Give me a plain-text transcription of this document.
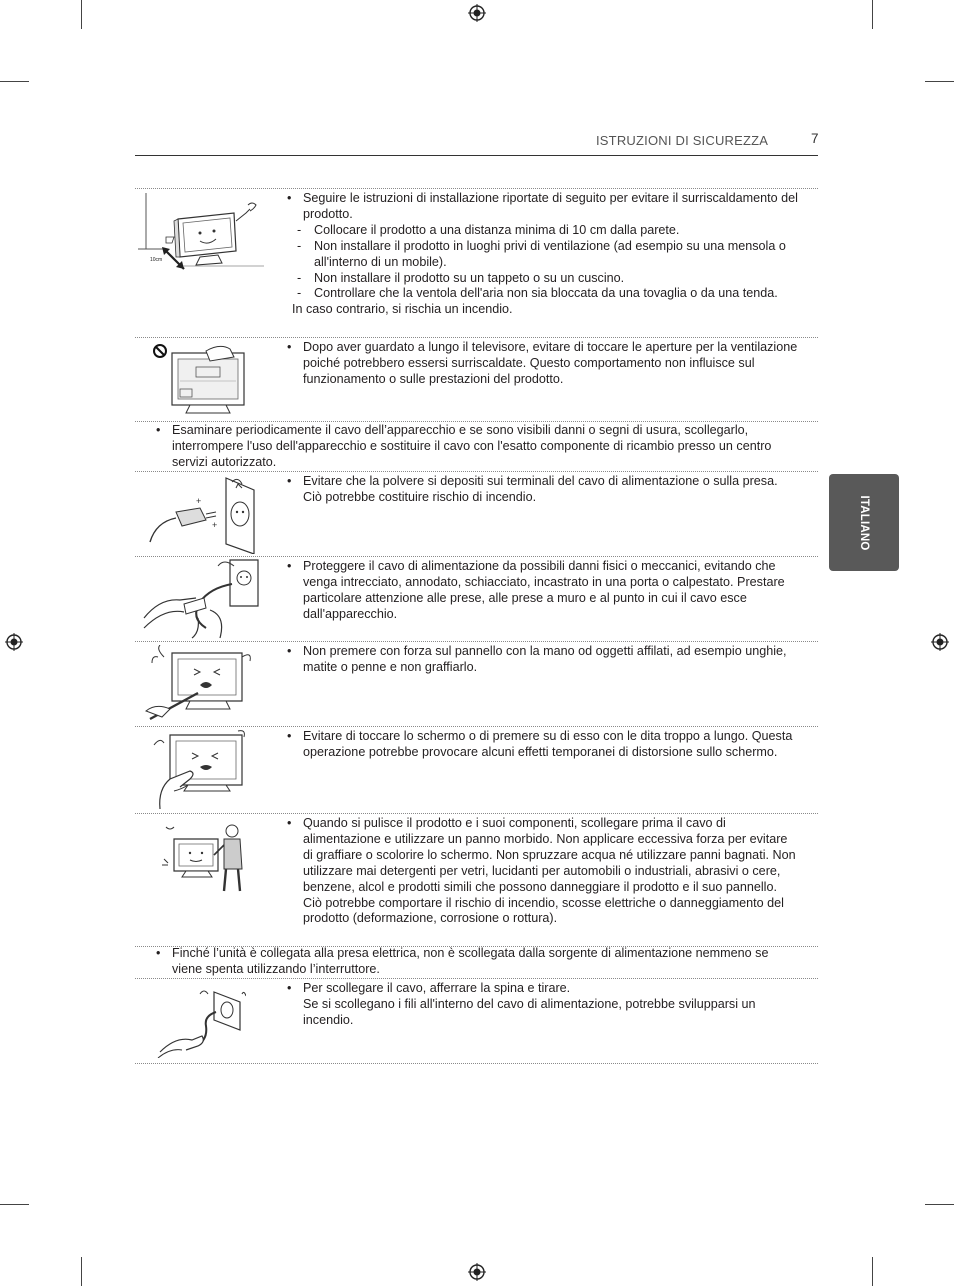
ISTRUZIONI DI SICUREZZA	7
ITALIANO
10cm
• Seguire le istruzioni di installazione riportate di seguito per evitare il surriscaldamento del prodotto.
- Collocare il prodotto a una distanza minima di 10 cm dalla parete.
- Non installare il prodotto in luoghi privi di ventilazione (ad esempio su una mensola o all'interno di un mobile).
- Non installare il prodotto su un tappeto o su un cuscino.
- Controllare che la ventola dell'aria non sia bloccata da una tovaglia o da una tenda.
In caso contrario, si rischia un incendio.
• Dopo aver guardato a lungo il televisore, evitare di toccare le aperture per la ventilazione poiché potrebbero essersi surriscaldate. Questo comportamento non influisce sul funzionamento o sulle prestazioni del prodotto.
• Esaminare periodicamente il cavo dell’apparecchio e se sono visibili danni o segni di usura, scollegarlo, interrompere l'uso dell'apparecchio e sostituire il cavo con l'esatto componente di ricambio presso un centro servizi autorizzato.
+
+
• Evitare che la polvere si depositi sui terminali del cavo di alimentazione o sulla presa.
Ciò potrebbe costituire rischio di incendio.
• Proteggere il cavo di alimentazione da possibili danni fisici o meccanici, evitando che venga intrecciato, annodato, schiacciato, incastrato in una porta o calpestato. Prestare particolare attenzione alle prese, alle prese a muro e al punto in cui il cavo esce dall'apparecchio.
• Non premere con forza sul pannello con la mano od oggetti affilati, ad esempio unghie, matite o penne e non graffiarlo.
• Evitare di toccare lo schermo o di premere su di esso con le dita troppo a lungo. Questa operazione potrebbe provocare alcuni effetti temporanei di distorsione sullo schermo.
• Quando si pulisce il prodotto e i suoi componenti, scollegare prima il cavo di alimentazione e utilizzare un panno morbido. Non applicare eccessiva forza per evitare di graffiare o scolorire lo schermo. Non spruzzare acqua né utilizzare panni bagnati. Non utilizzare mai detergenti per vetri, lucidanti per automobili o industriali, abrasivi o cere, benzene, alcol e prodotti simili che possono danneggiare il prodotto e il suo pannello.
Ciò potrebbe comportare il rischio di incendio, scosse elettriche o danneggiamento del prodotto (deformazione, corrosione o rottura).
• Finché l’unità è collegata alla presa elettrica, non è scollegata dalla sorgente di alimentazione nemmeno se viene spenta utilizzando l’interruttore.
• Per scollegare il cavo, afferrare la spina e tirare.
Se si scollegano i fili all'interno del cavo di alimentazione, potrebbe svilupparsi un incendio.
